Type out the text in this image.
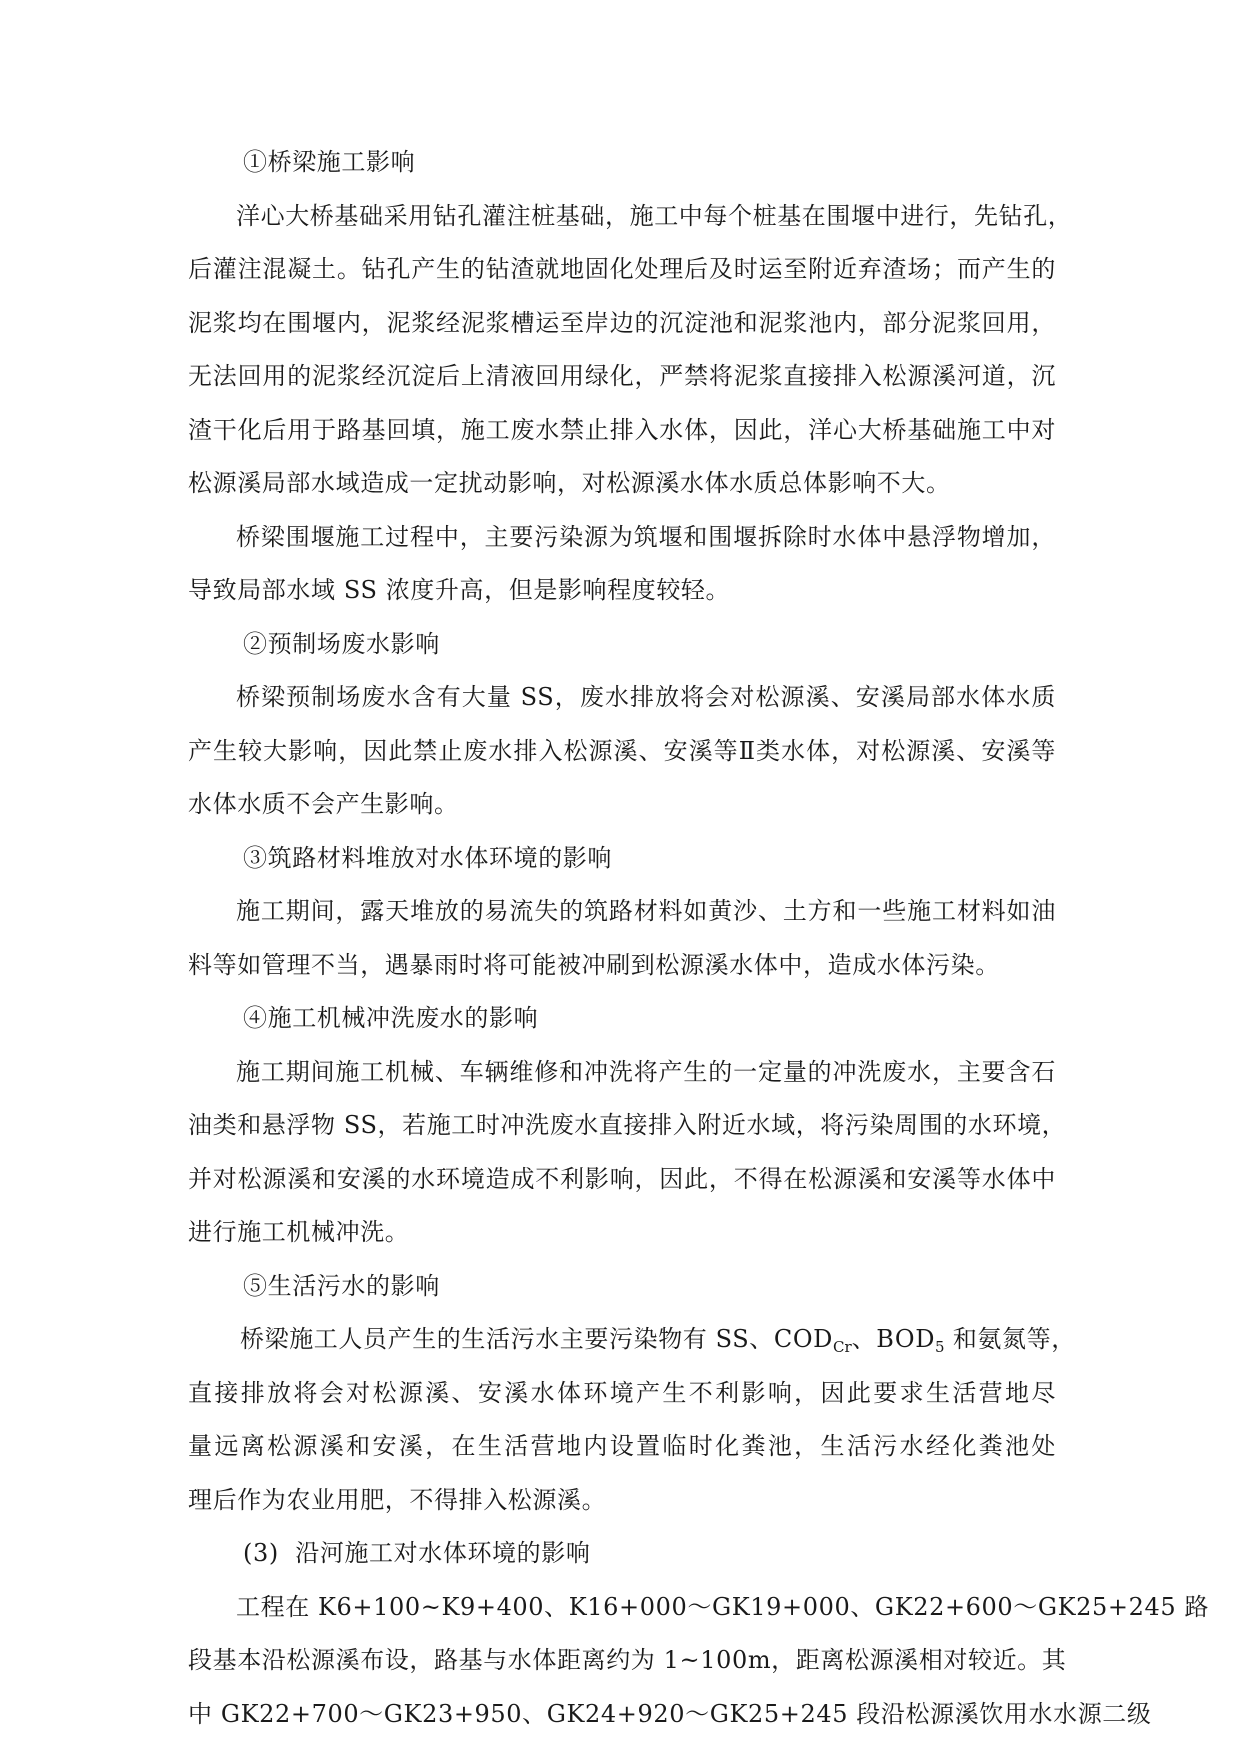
①桥梁施工影响
洋心大桥基础采用钻孔灌注桩基础，施工中每个桩基在围堰中进行，先钻孔，
后灌注混凝土。钻孔产生的钻渣就地固化处理后及时运至附近弃渣场；而产生的
泥浆均在围堰内，泥浆经泥浆槽运至岸边的沉淀池和泥浆池内，部分泥浆回用，
无法回用的泥浆经沉淀后上清液回用绿化，严禁将泥浆直接排入松源溪河道，沉
渣干化后用于路基回填，施工废水禁止排入水体，因此，洋心大桥基础施工中对
松源溪局部水域造成一定扰动影响，对松源溪水体水质总体影响不大。
桥梁围堰施工过程中，主要污染源为筑堰和围堰拆除时水体中悬浮物增加，
导致局部水域 SS 浓度升高，但是影响程度较轻。
②预制场废水影响
桥梁预制场废水含有大量 SS，废水排放将会对松源溪、安溪局部水体水质
产生较大影响，因此禁止废水排入松源溪、安溪等Ⅱ类水体，对松源溪、安溪等
水体水质不会产生影响。
③筑路材料堆放对水体环境的影响
施工期间，露天堆放的易流失的筑路材料如黄沙、土方和一些施工材料如油
料等如管理不当，遇暴雨时将可能被冲刷到松源溪水体中，造成水体污染。
④施工机械冲洗废水的影响
施工期间施工机械、车辆维修和冲洗将产生的一定量的冲洗废水，主要含石
油类和悬浮物 SS，若施工时冲洗废水直接排入附近水域，将污染周围的水环境，
并对松源溪和安溪的水环境造成不利影响，因此，不得在松源溪和安溪等水体中
进行施工机械冲洗。
⑤生活污水的影响
桥梁施工人员产生的生活污水主要污染物有 SS、$COD_{Cr}$、$BOD_5$ 和氨氮等，
直接排放将会对松源溪、安溪水体环境产生不利影响，因此要求生活营地尽
量远离松源溪和安溪，在生活营地内设置临时化粪池，生活污水经化粪池处
理后作为农业用肥，不得排入松源溪。
(3)  沿河施工对水体环境的影响
工程在 K6+100~K9+400、K16+000～GK19+000、GK22+600～GK25+245 路
段基本沿松源溪布设，路基与水体距离约为 1~100m，距离松源溪相对较近。其
中 GK22+700～GK23+950、GK24+920～GK25+245 段沿松源溪饮用水水源二级
